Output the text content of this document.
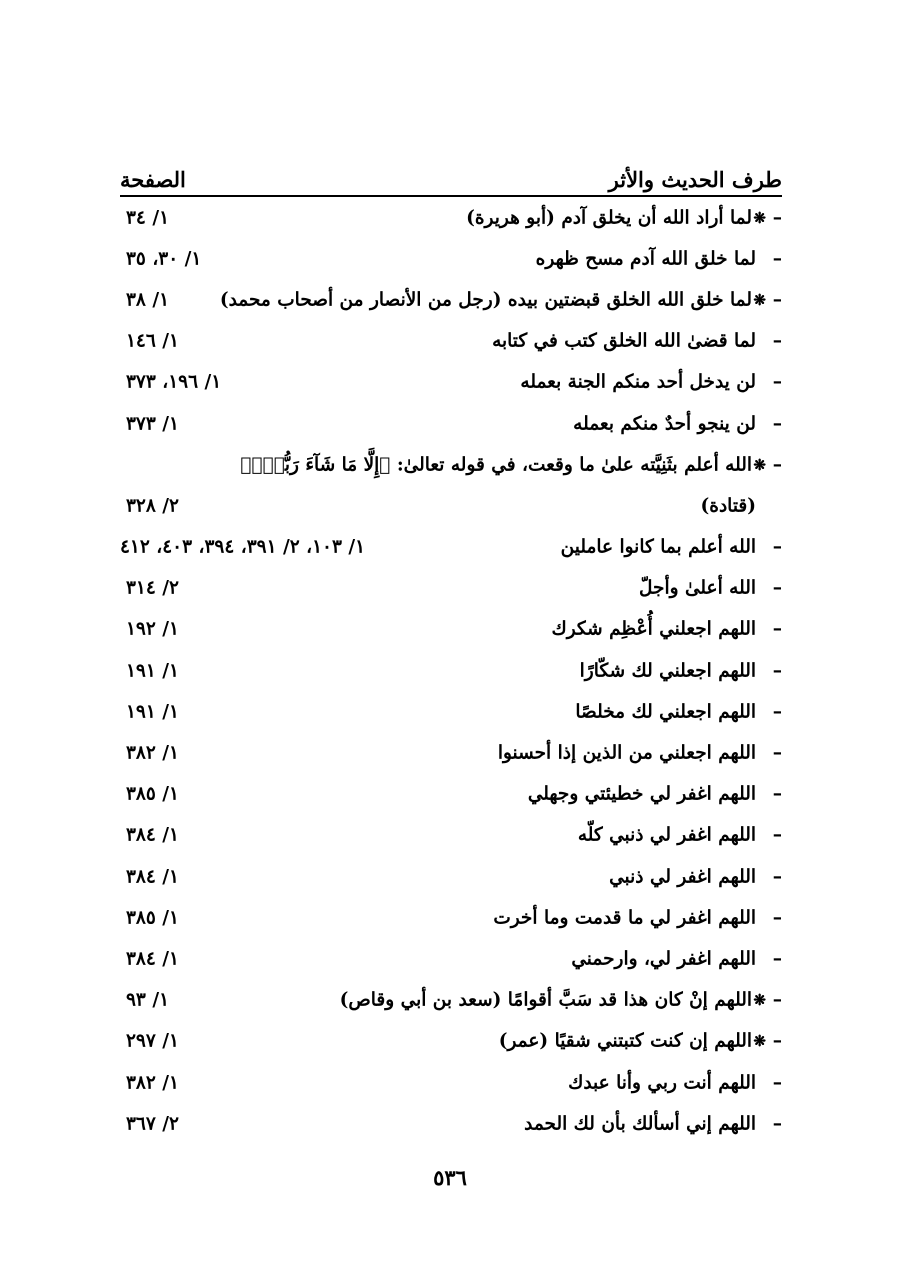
طرف الحديث والأثر
الصفحة
–
❋
لما أراد الله أن يخلق آدم (أبو هريرة)
١/ ٣٤
–
لما خلق الله آدم مسح ظهره
١/ ٣٠، ٣٥
–
❋
لما خلق الله الخلق قبضتين بيده (رجل من الأنصار من أصحاب محمد)
١/ ٣٨
–
لما قضىٰ الله الخلق كتب في كتابه
١/ ١٤٦
–
لن يدخل أحد منكم الجنة بعمله
١/ ١٩٦، ٣٧٣
–
لن ينجو أحدٌ منكم بعمله
١/ ٣٧٣
–
❋
الله أعلم بثَنِيَّته علىٰ ما وقعت، في قوله تعالىٰ: ﴿إِلَّا مَا شَآءَ رَبُّكَۚ﴾
(قتادة)
٢/ ٣٢٨
–
الله أعلم بما كانوا عاملين
١/ ١٠٣، ٢/ ٣٩١، ٣٩٤، ٤٠٣، ٤١٢
–
الله أعلىٰ وأجلّ
٢/ ٣١٤
–
اللهم اجعلني أُعْظِم شكرك
١/ ١٩٢
–
اللهم اجعلني لك شكّارًا
١/ ١٩١
–
اللهم اجعلني لك مخلصًا
١/ ١٩١
–
اللهم اجعلني من الذين إذا أحسنوا
١/ ٣٨٢
–
اللهم اغفر لي خطيئتي وجهلي
١/ ٣٨٥
–
اللهم اغفر لي ذنبي كلّه
١/ ٣٨٤
–
اللهم اغفر لي ذنبي
١/ ٣٨٤
–
اللهم اغفر لي ما قدمت وما أخرت
١/ ٣٨٥
–
اللهم اغفر لي، وارحمني
١/ ٣٨٤
–
❋
اللهم إنْ كان هذا قد سَبَّ أقوامًا (سعد بن أبي وقاص)
١/ ٩٣
–
❋
اللهم إن كنت كتبتني شقيًا (عمر)
١/ ٢٩٧
–
اللهم أنت ربي وأنا عبدك
١/ ٣٨٢
–
اللهم إني أسألك بأن لك الحمد
٢/ ٣٦٧
٥٣٦
